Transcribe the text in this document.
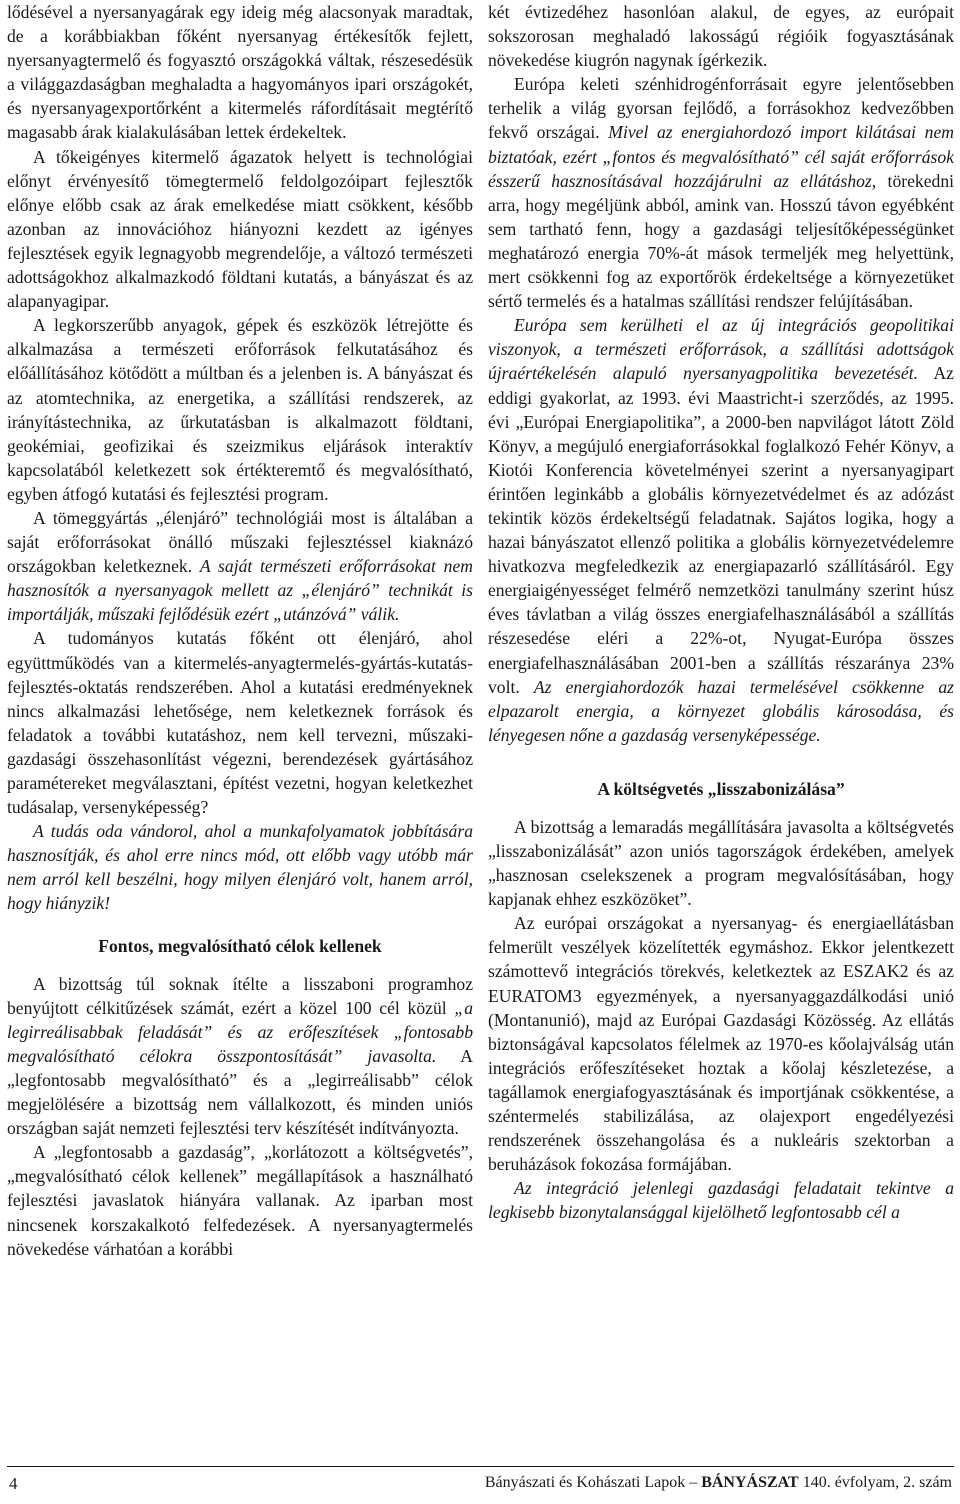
lődésével a nyersanyagárak egy ideig még alacsonyak maradtak, de a korábbiakban főként nyersanyag értékesítők fejlett, nyersanyagtermelő és fogyasztó országokká váltak, részesedésük a világgazdaságban meghaladta a hagyományos ipari országokét, és nyersanyagexportőrként a kitermelés ráfordításait megtérítő magasabb árak kialakulásában lettek érdekeltek.

A tőkeigényes kitermelő ágazatok helyett is technológiai előnyt érvényesítő tömegtermelő feldolgozóipart fejlesztők előnye előbb csak az árak emelkedése miatt csökkent, később azonban az innovációhoz hiányozni kezdett az igényes fejlesztések egyik legnagyobb megrendelője, a változó természeti adottságokhoz alkalmazkodó földtani kutatás, a bányászat és az alapanyagipar.

A legkorszerűbb anyagok, gépek és eszközök létrejötte és alkalmazása a természeti erőforrások felkutatásához és előállításához kötődött a múltban és a jelenben is. A bányászat és az atomtechnika, az energetika, a szállítási rendszerek, az irányítástechnika, az űrkutatásban is alkalmazott földtani, geokémiai, geofizikai és szeizmikus eljárások interaktív kapcsolatából keletkezett sok értékteremtő és megvalósítható, egyben átfogó kutatási és fejlesztési program.

A tömeggyártás „élenjáró” technológiái most is általában a saját erőforrásokat önálló műszaki fejlesztéssel kiaknázó országokban keletkeznek. A saját természeti erőforrásokat nem hasznosítók a nyersanyagok mellett az „élenjáró” technikát is importálják, műszaki fejlődésük ezért „utánzóvá” válik.

A tudományos kutatás főként ott élenjáró, ahol együttműködés van a kitermelés-anyagtermelés-gyártás-kutatás-fejlesztés-oktatás rendszerében. Ahol a kutatási eredményeknek nincs alkalmazási lehetősége, nem keletkeznek források és feladatok a további kutatáshoz, nem kell tervezni, műszaki-gazdasági összehasonlítást végezni, berendezések gyártásához paramétereket megválasztani, építést vezetni, hogyan keletkezhet tudásalap, versenyképesség?

A tudás oda vándorol, ahol a munkafolyamatok jobbítására hasznosítják, és ahol erre nincs mód, ott előbb vagy utóbb már nem arról kell beszélni, hogy milyen élenjáró volt, hanem arról, hogy hiányzik!

Fontos, megvalósítható célok kellenek

A bizottság túl soknak ítélte a lisszaboni programhoz benyújtott célkitűzések számát, ezért a közel 100 cél közül „a legirreálisabbak feladását” és az erőfeszítések „fontosabb megvalósítható célokra összpontosítását” javasolta. A „legfontosabb megvalósítható” és a „legirreálisabb” célok megjelölésére a bizottság nem vállalkozott, és minden uniós országban saját nemzeti fejlesztési terv készítését indítványozta.

A „legfontosabb a gazdaság”, „korlátozott a költségvetés”, „megvalósítható célok kellenek” megállapítások a használható fejlesztési javaslatok hiányára vallanak. Az iparban most nincsenek korszakalkotó felfedezések. A nyersanyagtermelés növekedése várhatóan a korábbi

két évtizedéhez hasonlóan alakul, de egyes, az európait sokszorosan meghaladó lakosságú régióik fogyasztásának növekedése kiugrón nagynak ígérkezik.

Európa keleti szénhidrogénforrásait egyre jelentősebben terhelik a világ gyorsan fejlődő, a forrásokhoz kedvezőbben fekvő országai. Mivel az energiahordozó import kilátásai nem biztatóak, ezért „fontos és megvalósítható” cél saját erőforrások ésszerű hasznosításával hozzájárulni az ellátáshoz, törekedni arra, hogy megéljünk abból, amink van. Hosszú távon egyébként sem tartható fenn, hogy a gazdasági teljesítőképességünket meghatározó energia 70%-át mások termeljék meg helyettünk, mert csökkenni fog az exportőrök érdekeltsége a környezetüket sértő termelés és a hatalmas szállítási rendszer felújításában.

Európa sem kerülheti el az új integrációs geopolitikai viszonyok, a természeti erőforrások, a szállítási adottságok újraértékelésén alapuló nyersanyagpolitika bevezetését. Az eddigi gyakorlat, az 1993. évi Maastricht-i szerződés, az 1995. évi „Európai Energiapolitika”, a 2000-ben napvilágot látott Zöld Könyv, a megújuló energiaforrásokkal foglalkozó Fehér Könyv, a Kiotói Konferencia követelményei szerint a nyersanyagipart érintően leginkább a globális környezetvédelmet és az adózást tekintik közös érdekeltségű feladatnak. Sajátos logika, hogy a hazai bányászatot ellenző politika a globális környezetvédelemre hivatkozva megfeledkezik az energiapazarló szállításáról. Egy energiaigényességet felmérő nemzetközi tanulmány szerint húsz éves távlatban a világ összes energiafelhasználásából a szállítás részesedése eléri a 22%-ot, Nyugat-Európa összes energiafelhasználásában 2001-ben a szállítás részaránya 23% volt. Az energiahordozók hazai termelésével csökkenne az elpazarolt energia, a környezet globális károsodása, és lényegesen nőne a gazdaság versenyképessége.

A költségvetés „lisszabonizálása”

A bizottság a lemaradás megállítására javasolta a költségvetés „lisszabonizálását” azon uniós tagországok érdekében, amelyek „hasznosan cselekszenek a program megvalósításában, hogy kapjanak ehhez eszközöket”.

Az európai országokat a nyersanyag- és energiaellátásban felmerült veszélyek közelítették egymáshoz. Ekkor jelentkezett számottevő integrációs törekvés, keletkeztek az ESZAK2 és az EURATOM3 egyezmények, a nyersanyaggazdálkodási unió (Montanunió), majd az Európai Gazdasági Közösség. Az ellátás biztonságával kapcsolatos félelmek az 1970-es kőolajválság után integrációs erőfeszítéseket hoztak a kőolaj készletezése, a tagállamok energiafogyasztásának és importjának csökkentése, a széntermelés stabilizálása, az olajexport engedélyezési rendszerének összehangolása és a nukleáris szektorban a beruházások fokozása formájában.

Az integráció jelenlegi gazdasági feladatait tekintve a legkisebb bizonytalansággal kijelölhető legfontosabb cél a

4	Bányászati és Kohászati Lapok – BÁNYÁSZAT 140. évfolyam, 2. szám
